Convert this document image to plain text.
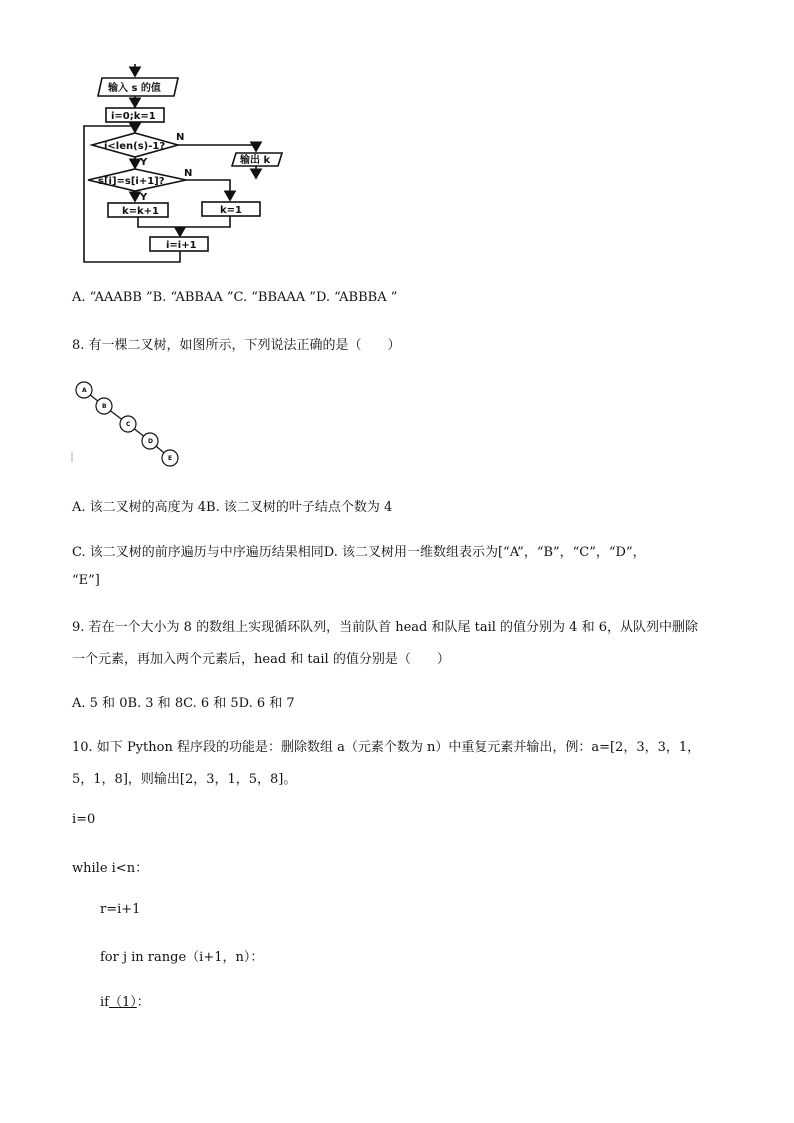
输入 s 的值
i=0;k=1
i<len(s)-1?
N
Y	输出 k
s[i]=s[i+1]?
N
Y
k=k+1	k=1
i=i+1
A. “AAABB ”B. “ABBAA ”C. “BBAAA ”D. “ABBBA ”
8. 有一棵二叉树，如图所示，下列说法正确的是（　　）
A
B
C
D
E
A. 该二叉树的高度为 4B. 该二叉树的叶子结点个数为 4
C. 该二叉树的前序遍历与中序遍历结果相同D. 该二叉树用一维数组表示为[“A”，“B”，“C”，“D”，
“E”]
9. 若在一个大小为 8 的数组上实现循环队列，当前队首 head 和队尾 tail 的值分别为 4 和 6，从队列中删除
一个元素，再加入两个元素后，head 和 tail 的值分别是（　　）
A. 5 和 0B. 3 和 8C. 6 和 5D. 6 和 7
10. 如下 Python 程序段的功能是：删除数组 a（元素个数为 n）中重复元素并输出，例：a=[2，3，3，1，
5，1，8]，则输出[2，3，1，5，8]。
i=0
while i<n：
r=i+1
for j in range（i+1，n）：
if（1）：
